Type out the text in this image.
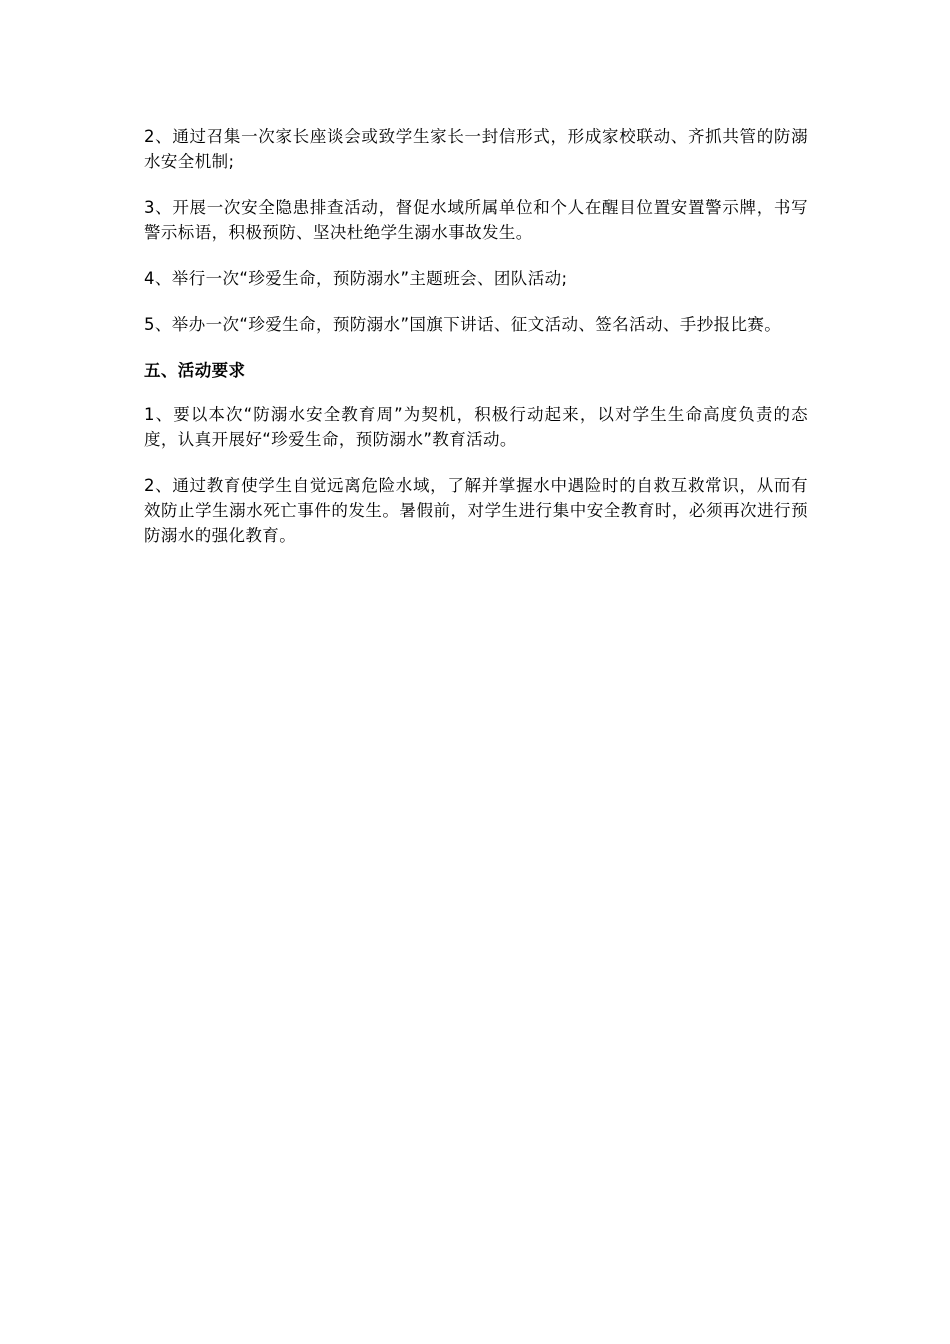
2、通过召集一次家长座谈会或致学生家长一封信形式，形成家校联动、齐抓共管的防溺水安全机制;

3、开展一次安全隐患排查活动，督促水域所属单位和个人在醒目位置安置警示牌，书写警示标语，积极预防、坚决杜绝学生溺水事故发生。

4、举行一次“珍爱生命，预防溺水”主题班会、团队活动;

5、举办一次“珍爱生命，预防溺水”国旗下讲话、征文活动、签名活动、手抄报比赛。

五、活动要求

1、要以本次“防溺水安全教育周”为契机，积极行动起来，以对学生生命高度负责的态度，认真开展好“珍爱生命，预防溺水”教育活动。

2、通过教育使学生自觉远离危险水域，了解并掌握水中遇险时的自救互救常识，从而有效防止学生溺水死亡事件的发生。暑假前，对学生进行集中安全教育时，必须再次进行预防溺水的强化教育。
